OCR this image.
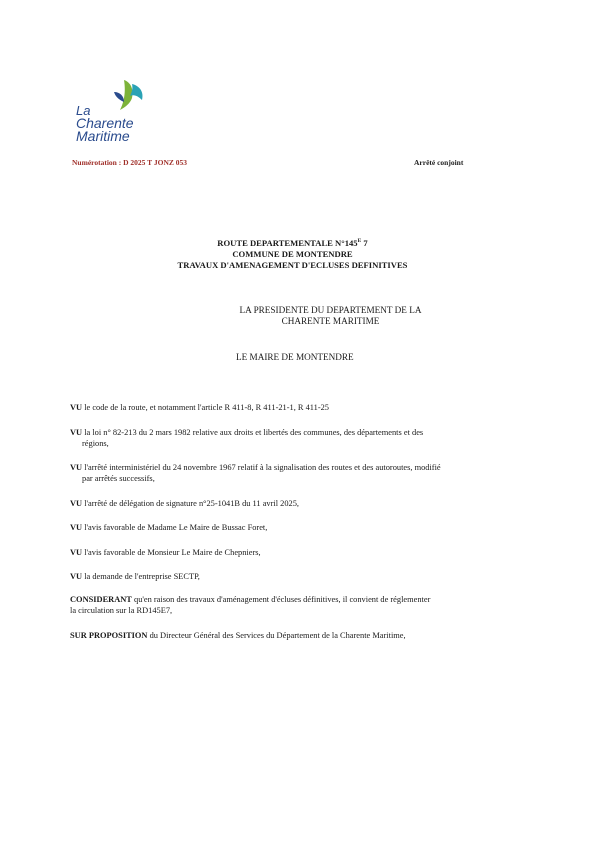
La
Charente
Maritime
Numérotation : D 2025 T JONZ 053	Arrêté conjoint
ROUTE DEPARTEMENTALE $N^\circ 145^E$ 7
COMMUNE DE MONTENDRE
TRAVAUX D'AMENAGEMENT D'ECLUSES DEFINITIVES
LA PRESIDENTE DU DEPARTEMENT DE LA
CHARENTE MARITIME
LE MAIRE DE MONTENDRE

VU le code de la route, et notamment l'article R 411-8, R 411-21-1, R 411-25

VU la loi n° 82-213 du 2 mars 1982 relative aux droits et libertés des communes, des départements et des
régions,

VU l'arrêté interministériel du 24 novembre 1967 relatif à la signalisation des routes et des autoroutes, modifié
par arrêtés successifs,

VU l'arrêté de délégation de signature n°25-1041B du 11 avril 2025,

VU l'avis favorable de Madame Le Maire de Bussac Foret,

VU l'avis favorable de Monsieur Le Maire de Chepniers,

VU la demande de l'entreprise SECTP,

CONSIDERANT qu'en raison des travaux d'aménagement d'écluses définitives, il convient de réglementer
la circulation sur la RD145E7,

SUR PROPOSITION du Directeur Général des Services du Département de la Charente Maritime,
